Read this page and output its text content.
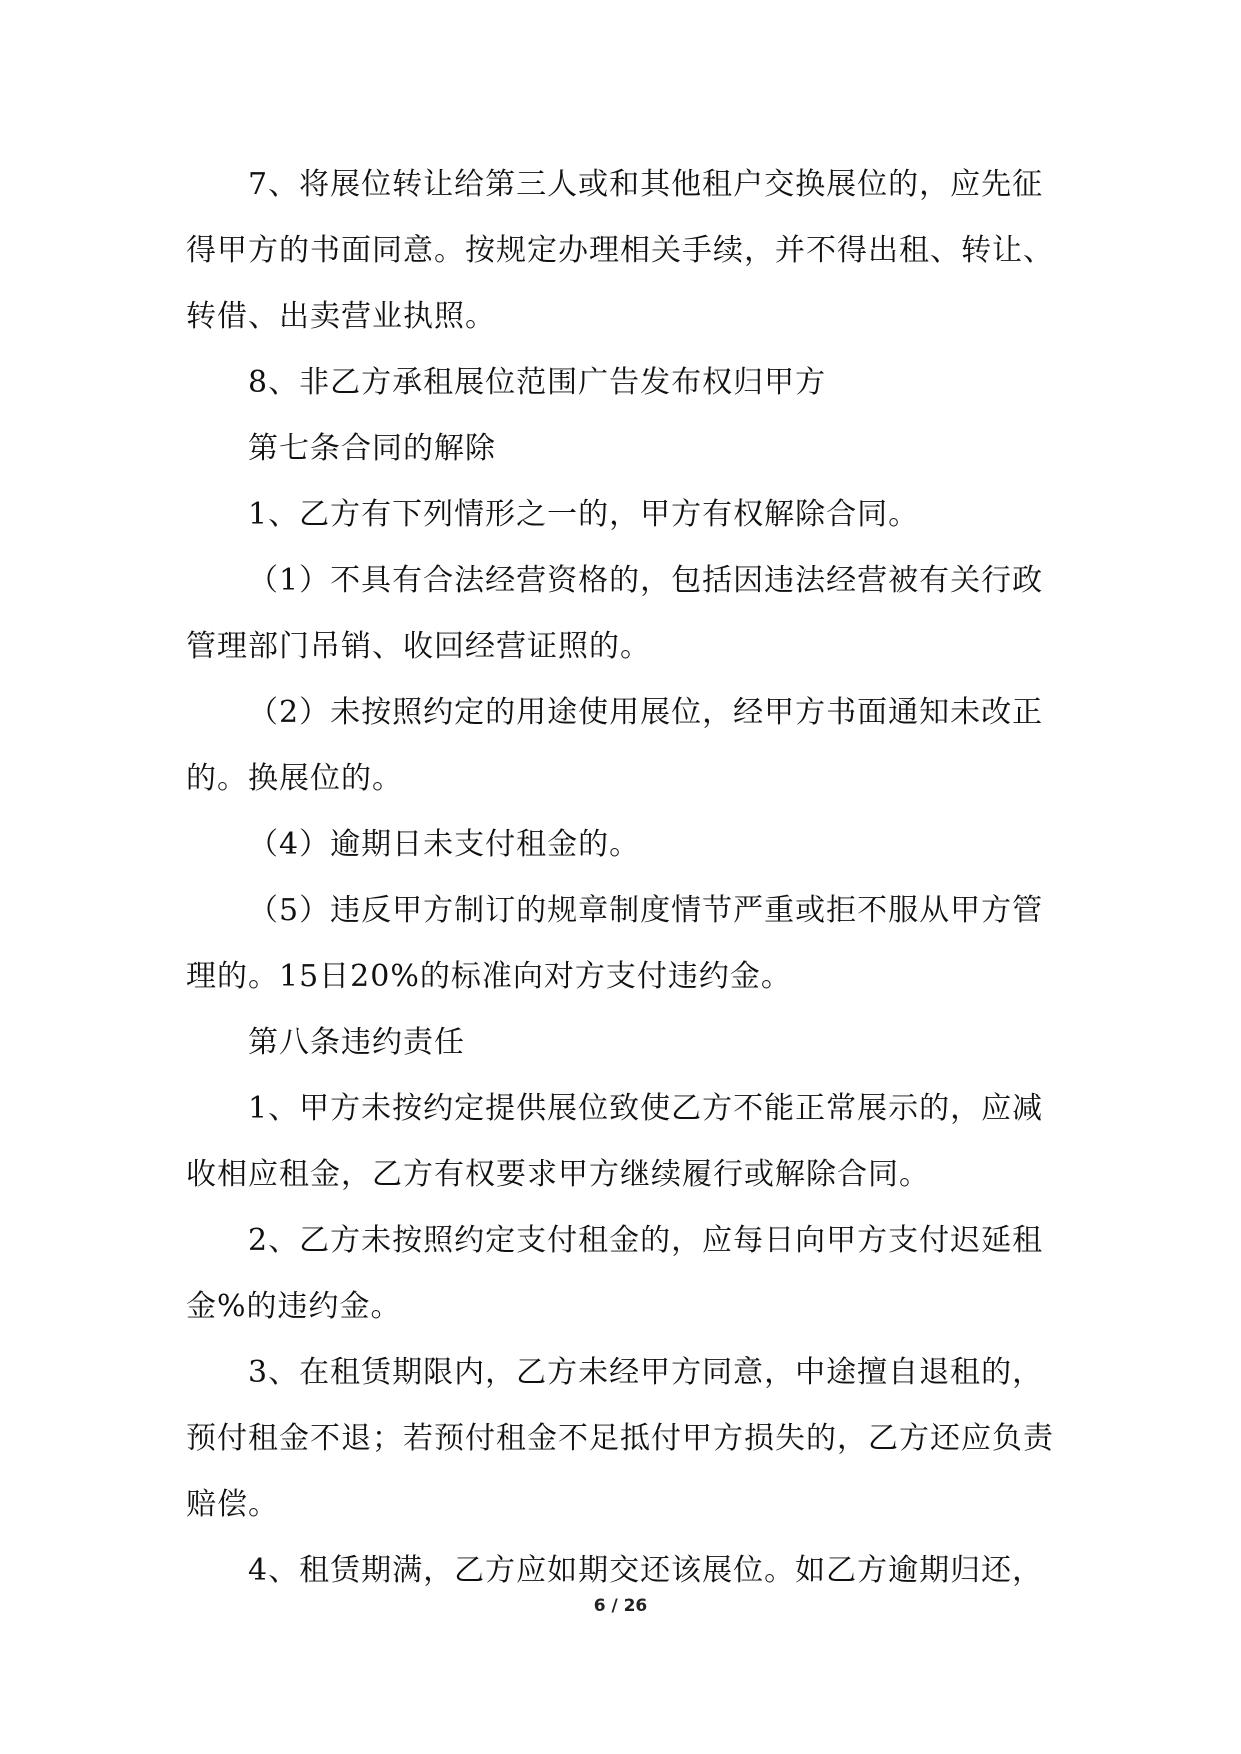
7、将展位转让给第三人或和其他租户交换展位的，应先征得甲方的书面同意。按规定办理相关手续，并不得出租、转让、转借、出卖营业执照。

8、非乙方承租展位范围广告发布权归甲方

第七条合同的解除

1、乙方有下列情形之一的，甲方有权解除合同。

（1）不具有合法经营资格的，包括因违法经营被有关行政管理部门吊销、收回经营证照的。

（2）未按照约定的用途使用展位，经甲方书面通知未改正的。换展位的。

（4）逾期日未支付租金的。

（5）违反甲方制订的规章制度情节严重或拒不服从甲方管理的。15日20%的标准向对方支付违约金。

第八条违约责任

1、甲方未按约定提供展位致使乙方不能正常展示的，应减收相应租金，乙方有权要求甲方继续履行或解除合同。

2、乙方未按照约定支付租金的，应每日向甲方支付迟延租金%的违约金。

3、在租赁期限内，乙方未经甲方同意，中途擅自退租的，预付租金不退；若预付租金不足抵付甲方损失的，乙方还应负责赔偿。

4、租赁期满，乙方应如期交还该展位。如乙方逾期归还，

6 / 26
